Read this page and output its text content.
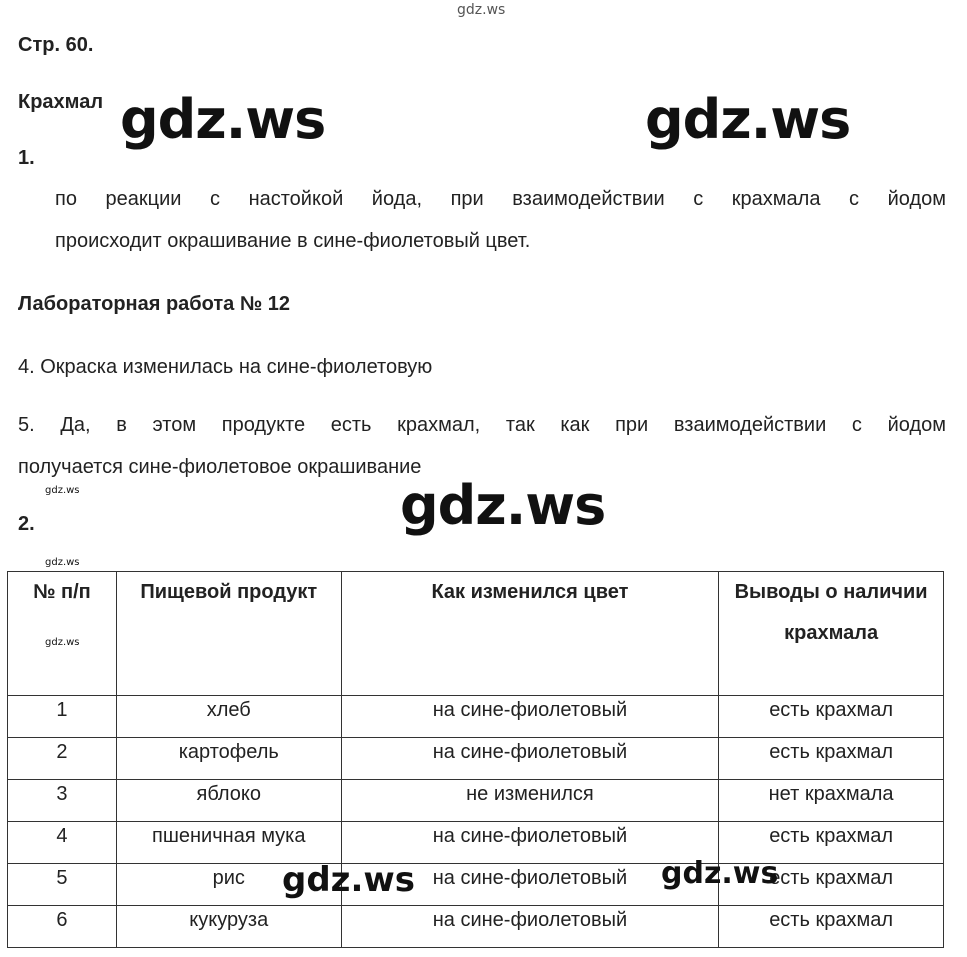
gdz.ws
Стр. 60.
Крахмал gdz.ws	gdz.ws
1.
по реакции с настойкой йода, при взаимодействии с крахмала с йодом
происходит окрашивание в сине-фиолетовый цвет.
Лабораторная работа № 12
4. Окраска изменилась на сине-фиолетовую
5. Да, в этом продукте есть крахмал, так как при взаимодействии с йодом
получается сине-фиолетовое окрашивание
gdz.ws
gdz.ws
2.	gdz.ws
№ п/п	Пищевой продукт	Как изменился цвет	Выводы о наличии крахмала
1	хлеб	на сине-фиолетовый	есть крахмал
2	картофель	на сине-фиолетовый	есть крахмал
3	яблоко	не изменился	нет крахмала
4	пшеничная мука	на сине-фиолетовый	есть крахмал
5	рис	на сине-фиолетовый	есть крахмал
6	кукуруза	на сине-фиолетовый	есть крахмал
gdz.ws
gdz.ws	gdz.ws
